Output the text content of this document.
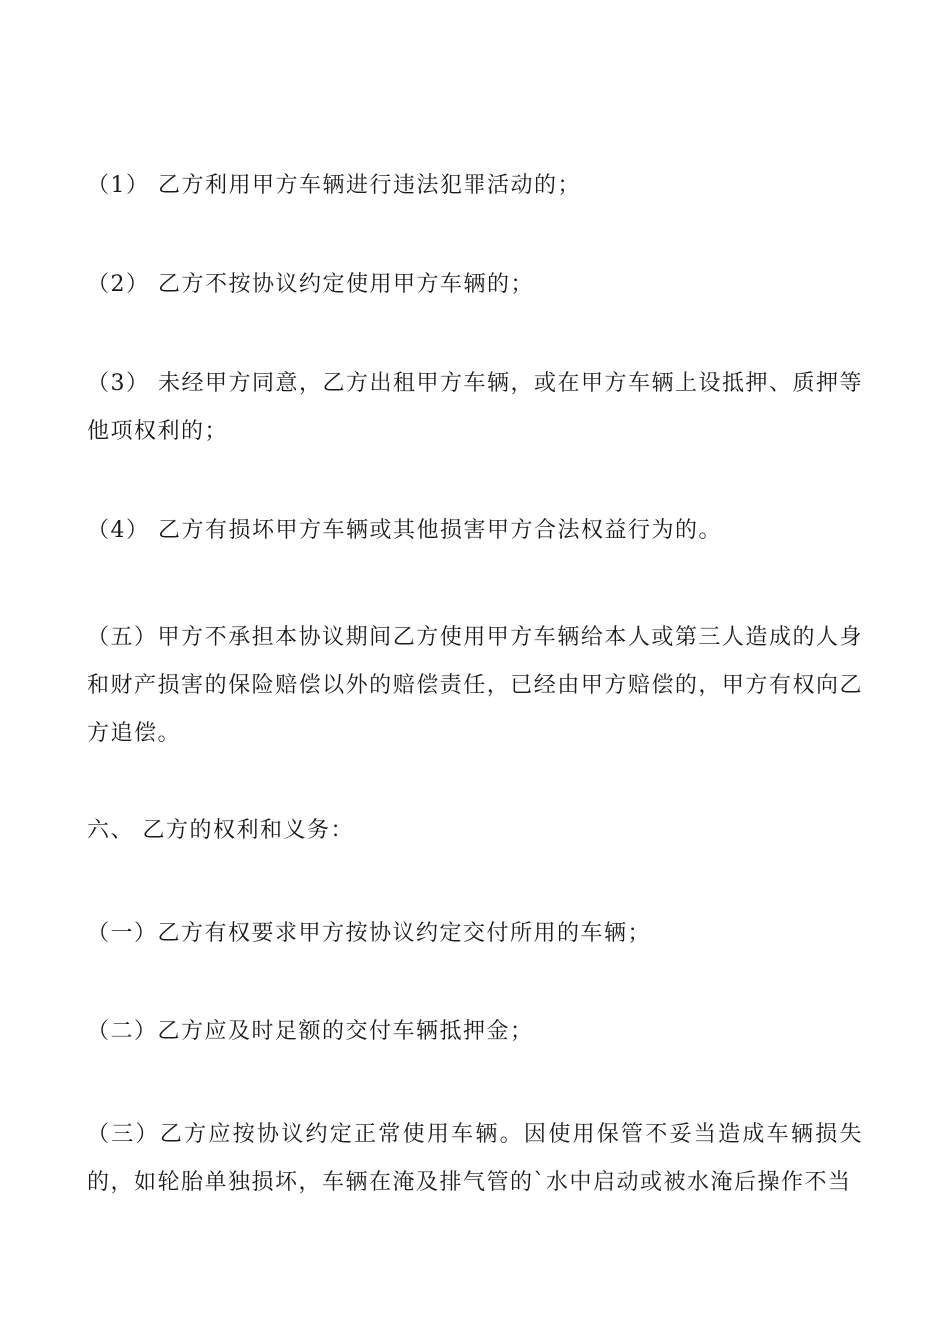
（1） 乙方利用甲方车辆进行违法犯罪活动的；

（2） 乙方不按协议约定使用甲方车辆的；

（3） 未经甲方同意，乙方出租甲方车辆，或在甲方车辆上设抵押、质押等他项权利的；

（4） 乙方有损坏甲方车辆或其他损害甲方合法权益行为的。

（五）甲方不承担本协议期间乙方使用甲方车辆给本人或第三人造成的人身和财产损害的保险赔偿以外的赔偿责任，已经由甲方赔偿的，甲方有权向乙方追偿。

六、 乙方的权利和义务：

（一）乙方有权要求甲方按协议约定交付所用的车辆；

（二）乙方应及时足额的交付车辆抵押金；

（三）乙方应按协议约定正常使用车辆。因使用保管不妥当造成车辆损失的，如轮胎单独损坏，车辆在淹及排气管的`水中启动或被水淹后操作不当
